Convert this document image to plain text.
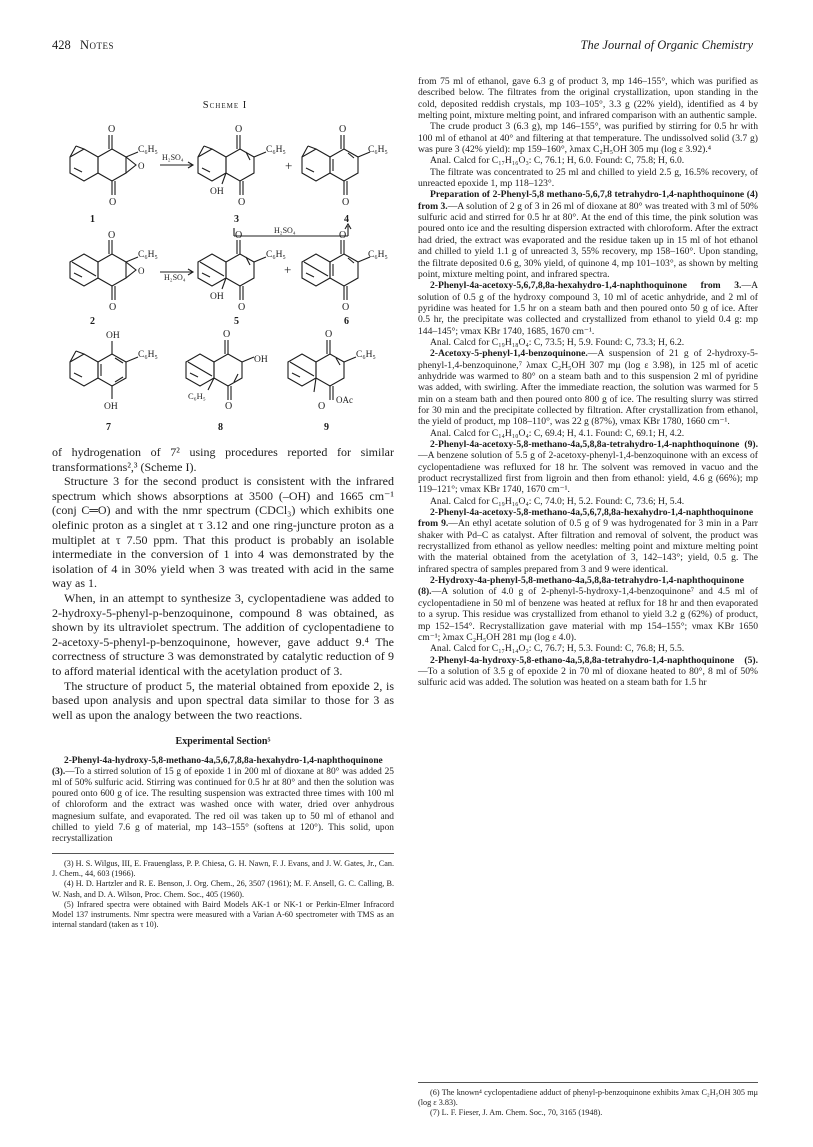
428 Notes	The Journal of Organic Chemistry
Scheme I
O
O
C₆H₅
O
H₂SO₄
O
O
OH
C₆H₅
+
O
O
C₆H₅
1	3	4
H₂SO₄
O
O
C₆H₅
O
H₂SO₄
O
O
OH
C₆H₅
+
O
O
C₆H₅
2	5	6
OH
C₆H₅
OH
O
OH
C₆H₅
O
O
C₆H₅
O
OAc
7	8	9

of hydrogenation of 7² using procedures reported for similar transformations²,³ (Scheme I).

Structure 3 for the second product is consistent with the infrared spectrum which shows absorptions at 3500 (–OH) and 1665 cm⁻¹ (conj C═O) and with the nmr spectrum (CDCl₃) which exhibits one olefinic proton as a singlet at τ 3.12 and one ring-juncture proton as a multiplet at τ 7.50 ppm. That this product is probably an isolable intermediate in the conversion of 1 into 4 was demonstrated by the isolation of 4 in 30% yield when 3 was treated with acid in the same way as 1.

When, in an attempt to synthesize 3, cyclopentadiene was added to 2-hydroxy-5-phenyl-p-benzoquinone, compound 8 was obtained, as shown by its ultraviolet spectrum. The addition of cyclopentadiene to 2-acetoxy-5-phenyl-p-benzoquinone, however, gave adduct 9.⁴ The correctness of structure 3 was demonstrated by catalytic reduction of 9 to afford material identical with the acetylation product of 3.

The structure of product 5, the material obtained from epoxide 2, is based upon analysis and upon spectral data similar to those for 3 as well as upon the analogy between the two reactions.

Experimental Section⁵

2-Phenyl-4a-hydroxy-5,8-methano-4a,5,6,7,8,8a-hexahydro-1,4-naphthoquinone (3).—To a stirred solution of 15 g of epoxide 1 in 200 ml of dioxane at 80° was added 25 ml of 50% sulfuric acid. Stirring was continued for 0.5 hr at 80° and then the solution was poured onto 600 g of ice. The resulting suspension was extracted three times with 100 ml of chloroform and the extract was washed once with water, dried over anhydrous magnesium sulfate, and evaporated. The red oil was taken up to 50 ml of ethanol and chilled to yield 7.6 g of material, mp 143–155° (softens at 120°). This solid, upon recrystallization

(3) H. S. Wilgus, III, E. Frauenglass, P. P. Chiesa, G. H. Nawn, F. J. Evans, and J. W. Gates, Jr., Can. J. Chem., 44, 603 (1966).

(4) H. D. Hartzler and R. E. Benson, J. Org. Chem., 26, 3507 (1961); M. F. Ansell, G. C. Calling, B. W. Nash, and D. A. Wilson, Proc. Chem. Soc., 405 (1960).

(5) Infrared spectra were obtained with Baird Models AK-1 or NK-1 or Perkin-Elmer Infracord Model 137 instruments. Nmr spectra were measured with a Varian A-60 spectrometer with TMS as an internal standard (taken as τ 10).

from 75 ml of ethanol, gave 6.3 g of product 3, mp 146–155°, which was purified as described below. The filtrates from the original crystallization, upon standing in the cold, deposited reddish crystals, mp 103–105°, 3.3 g (22% yield), identified as 4 by melting point, mixture melting point, and infrared comparison with an authentic sample.

The crude product 3 (6.3 g), mp 146–155°, was purified by stirring for 0.5 hr with 100 ml of ethanol at 40° and filtering at that temperature. The undissolved solid (3.7 g) was pure 3 (42% yield): mp 159–160°, λmax C₂H₅OH 305 mμ (log ε 3.92).⁴

Anal. Calcd for C₁₇H₁₆O₃: C, 76.1; H, 6.0. Found: C, 75.8; H, 6.0.

The filtrate was concentrated to 25 ml and chilled to yield 2.5 g, 16.5% recovery, of unreacted epoxide 1, mp 118–123°.

Preparation of 2-Phenyl-5,8 methano-5,6,7,8 tetrahydro-1,4-naphthoquinone (4) from 3.—A solution of 2 g of 3 in 26 ml of dioxane at 80° was treated with 3 ml of 50% sulfuric acid and stirred for 0.5 hr at 80°. At the end of this time, the pink solution was poured onto ice and the resulting dispersion extracted with chloroform. After the extract had dried, the extract was evaporated and the residue taken up in 15 ml of hot ethanol and chilled to yield 1.1 g of unreacted 3, 55% recovery, mp 158–160°. Upon standing, the filtrate deposited 0.6 g, 30% yield, of quinone 4, mp 101–103°, as shown by melting point, mixture melting point, and infrared spectra.

2-Phenyl-4a-acetoxy-5,6,7,8,8a-hexahydro-1,4-naphthoquinone from 3.—A solution of 0.5 g of the hydroxy compound 3, 10 ml of acetic anhydride, and 2 ml of pyridine was heated for 1.5 hr on a steam bath and then poured onto 50 g of ice. After 0.5 hr, the precipitate was collected and crystallized from ethanol to yield 0.4 g: mp 144–145°; νmax KBr 1740, 1685, 1670 cm⁻¹.

Anal. Calcd for C₁₉H₁₈O₄: C, 73.5; H, 5.9. Found: C, 73.3; H, 6.2.

2-Acetoxy-5-phenyl-1,4-benzoquinone.—A suspension of 21 g of 2-hydroxy-5-phenyl-1,4-benzoquinone,⁷ λmax C₂H₅OH 307 mμ (log ε 3.98), in 125 ml of acetic anhydride was warmed to 80° on a steam bath and to this suspension 2 ml of pyridine was added, with swirling. After the immediate reaction, the solution was warmed for 5 min on a steam bath and then poured onto 800 g of ice. The resulting slurry was stirred for 30 min and the precipitate collected by filtration. After crystallization from ethanol, the yield of product, mp 108–110°, was 22 g (87%), νmax KBr 1780, 1660 cm⁻¹.

Anal. Calcd for C₁₄H₁₀O₄: C, 69.4; H, 4.1. Found: C, 69.1; H, 4.2.

2-Phenyl-4a-acetoxy-5,8-methano-4a,5,8,8a-tetrahydro-1,4-naphthoquinone (9).—A benzene solution of 5.5 g of 2-acetoxy-phenyl-1,4-benzoquinone with an excess of cyclopentadiene was refluxed for 18 hr. The solvent was removed in vacuo and the product recrystallized first from ligroin and then from ethanol: yield, 4.6 g (66%); mp 119–121°; νmax KBr 1740, 1670 cm⁻¹.

Anal. Calcd for C₁₉H₁₆O₄: C, 74.0; H, 5.2. Found: C, 73.6; H, 5.4.

2-Phenyl-4a-acetoxy-5,8-methano-4a,5,6,7,8,8a-hexahydro-1,4-naphthoquinone from 9.—An ethyl acetate solution of 0.5 g of 9 was hydrogenated for 3 min in a Parr shaker with Pd–C as catalyst. After filtration and removal of solvent, the product was recrystallized from ethanol as yellow needles: melting point and mixture melting point with the material obtained from the acetylation of 3, 142–143°; yield, 0.5 g. The infrared spectra of samples prepared from 3 and 9 were identical.

2-Hydroxy-4a-phenyl-5,8-methano-4a,5,8,8a-tetrahydro-1,4-naphthoquinone (8).—A solution of 4.0 g of 2-phenyl-5-hydroxy-1,4-benzoquinone⁷ and 4.5 ml of cyclopentadiene in 50 ml of benzene was heated at reflux for 18 hr and then evaporated to a syrup. This residue was crystallized from ethanol to yield 3.2 g (62%) of product, mp 152–154°. Recrystallization gave material with mp 154–155°; νmax KBr 1650 cm⁻¹; λmax C₂H₅OH 281 mμ (log ε 4.0).

Anal. Calcd for C₁₇H₁₄O₃: C, 76.7; H, 5.3. Found: C, 76.8; H, 5.5.

2-Phenyl-4a-hydroxy-5,8-ethano-4a,5,8,8a-tetrahydro-1,4-naphthoquinone (5).—To a solution of 3.5 g of epoxide 2 in 70 ml of dioxane heated to 80°, 8 ml of 50% sulfuric acid was added. The solution was heated on a steam bath for 1.5 hr

(6) The known⁴ cyclopentadiene adduct of phenyl-p-benzoquinone exhibits λmax C₂H₅OH 305 mμ (log ε 3.83).

(7) L. F. Fieser, J. Am. Chem. Soc., 70, 3165 (1948).
